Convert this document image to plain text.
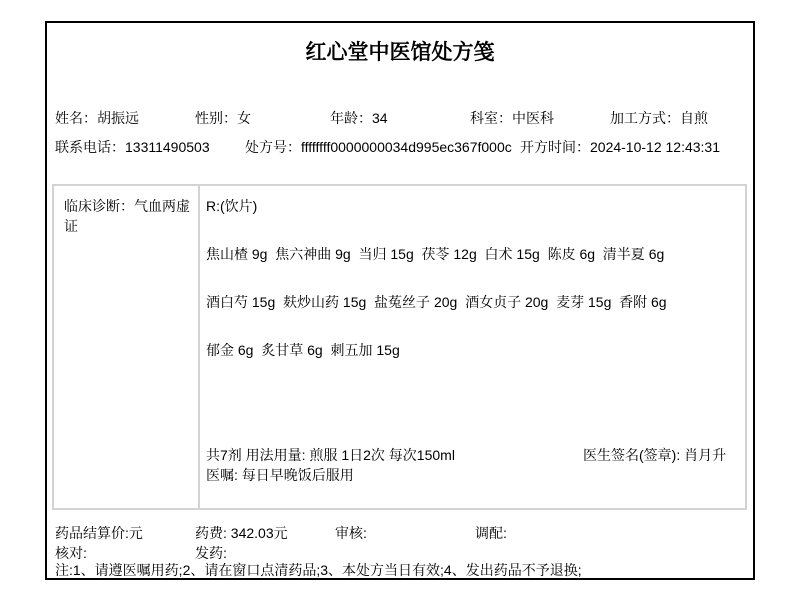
红心堂中医馆处方笺
姓名：胡振远	性别：女	年龄：34	科室：中医科	加工方式：自煎
联系电话：13311490503	处方号：ffffffff0000000034d995ec367f000c 开方时间：2024-10-12 12:43:31
临床诊断：气血两虚证
R:(饮片)
焦山楂 9g  焦六神曲 9g  当归 15g  茯苓 12g  白术 15g  陈皮 6g  清半夏 6g
酒白芍 15g  麸炒山药 15g  盐菟丝子 20g  酒女贞子 20g  麦芽 15g  香附 6g
郁金 6g  炙甘草 6g  刺五加 15g
共7剂 用法用量: 煎服 1日2次 每次150ml
医嘱: 每日早晚饭后服用
医生签名(签章): 肖月升
药品结算价:元	药费: 342.03元	审核:	调配:
核对:	发药:
注:1、请遵医嘱用药;2、请在窗口点清药品;3、本处方当日有效;4、发出药品不予退换;
